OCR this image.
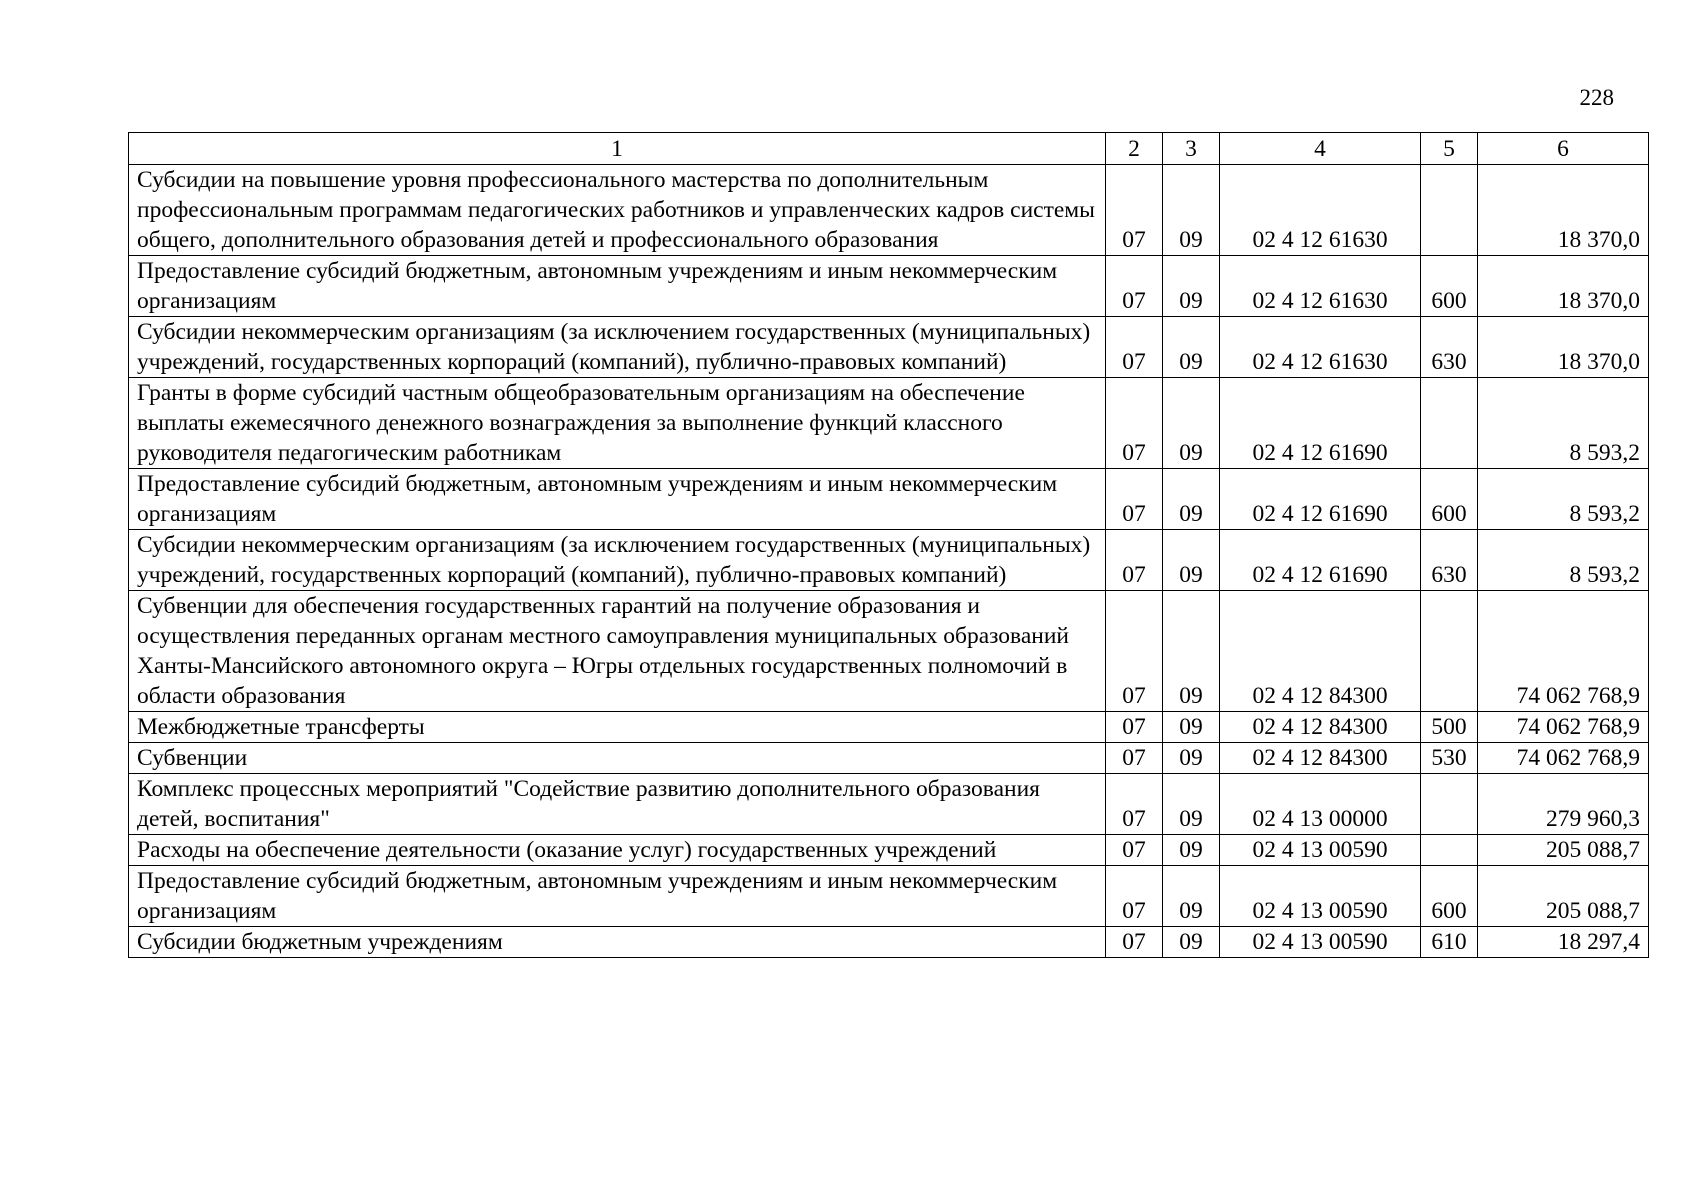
228
1	2	3	4	5	6
Субсидии на повышение уровня профессионального мастерства по дополнительным профессиональным программам педагогических работников и управленческих кадров системы общего, дополнительного образования детей и профессионального образования	07	09	02 4 12 61630		18 370,0
Предоставление субсидий бюджетным, автономным учреждениям и иным некоммерческим организациям	07	09	02 4 12 61630	600	18 370,0
Субсидии некоммерческим организациям (за исключением государственных (муниципальных) учреждений, государственных корпораций (компаний), публично-правовых компаний)	07	09	02 4 12 61630	630	18 370,0
Гранты в форме субсидий частным общеобразовательным организациям на обеспечение выплаты ежемесячного денежного вознаграждения за выполнение функций классного руководителя педагогическим работникам	07	09	02 4 12 61690		8 593,2
Предоставление субсидий бюджетным, автономным учреждениям и иным некоммерческим организациям	07	09	02 4 12 61690	600	8 593,2
Субсидии некоммерческим организациям (за исключением государственных (муниципальных) учреждений, государственных корпораций (компаний), публично-правовых компаний)	07	09	02 4 12 61690	630	8 593,2
Субвенции для обеспечения государственных гарантий на получение образования и осуществления переданных органам местного самоуправления муниципальных образований Ханты-Мансийского автономного округа – Югры отдельных государственных полномочий в области образования	07	09	02 4 12 84300		74 062 768,9
Межбюджетные трансферты	07	09	02 4 12 84300	500	74 062 768,9
Субвенции	07	09	02 4 12 84300	530	74 062 768,9
Комплекс процессных мероприятий "Содействие развитию дополнительного образования детей, воспитания"	07	09	02 4 13 00000		279 960,3
Расходы на обеспечение деятельности (оказание услуг) государственных учреждений	07	09	02 4 13 00590		205 088,7
Предоставление субсидий бюджетным, автономным учреждениям и иным некоммерческим организациям	07	09	02 4 13 00590	600	205 088,7
Субсидии бюджетным учреждениям	07	09	02 4 13 00590	610	18 297,4
